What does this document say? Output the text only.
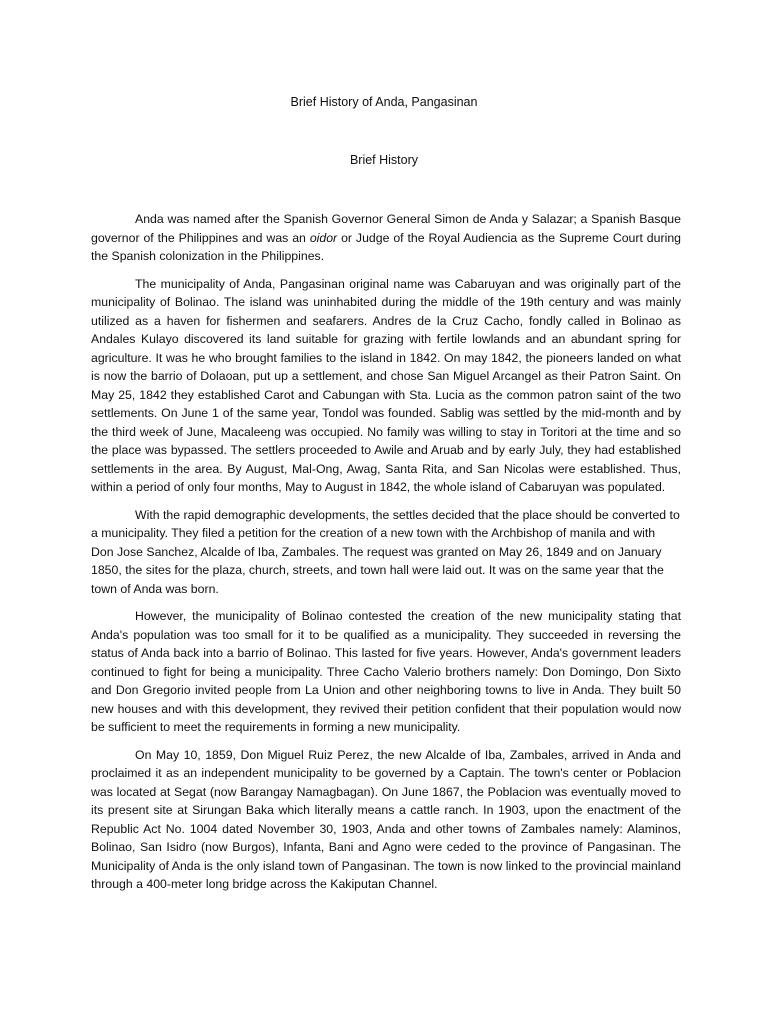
Brief History of Anda, Pangasinan
Brief History

Anda was named after the Spanish Governor General Simon de Anda y Salazar; a Spanish Basque governor of the Philippines and was an oidor or Judge of the Royal Audiencia as the Supreme Court during the Spanish colonization in the Philippines.

The municipality of Anda, Pangasinan original name was Cabaruyan and was originally part of the municipality of Bolinao. The island was uninhabited during the middle of the 19th century and was mainly utilized as a haven for fishermen and seafarers. Andres de la Cruz Cacho, fondly called in Bolinao as Andales Kulayo discovered its land suitable for grazing with fertile lowlands and an abundant spring for agriculture. It was he who brought families to the island in 1842. On may 1842, the pioneers landed on what is now the barrio of Dolaoan, put up a settlement, and chose San Miguel Arcangel as their Patron Saint. On May 25, 1842 they established Carot and Cabungan with Sta. Lucia as the common patron saint of the two settlements. On June 1 of the same year, Tondol was founded. Sablig was settled by the mid-month and by the third week of June, Macaleeng was occupied. No family was willing to stay in Toritori at the time and so the place was bypassed. The settlers proceeded to Awile and Aruab and by early July, they had established settlements in the area. By August, Mal-Ong, Awag, Santa Rita, and San Nicolas were established. Thus, within a period of only four months, May to August in 1842, the whole island of Cabaruyan was populated.

With the rapid demographic developments, the settles decided that the place should be converted to a municipality. They filed a petition for the creation of a new town with the Archbishop of manila and with Don Jose Sanchez, Alcalde of Iba, Zambales. The request was granted on May 26, 1849 and on January 1850, the sites for the plaza, church, streets, and town hall were laid out. It was on the same year that the town of Anda was born.

However, the municipality of Bolinao contested the creation of the new municipality stating that Anda's population was too small for it to be qualified as a municipality. They succeeded in reversing the status of Anda back into a barrio of Bolinao. This lasted for five years. However, Anda's government leaders continued to fight for being a municipality. Three Cacho Valerio brothers namely: Don Domingo, Don Sixto and Don Gregorio invited people from La Union and other neighboring towns to live in Anda. They built 50 new houses and with this development, they revived their petition confident that their population would now be sufficient to meet the requirements in forming a new municipality.

On May 10, 1859, Don Miguel Ruiz Perez, the new Alcalde of Iba, Zambales, arrived in Anda and proclaimed it as an independent municipality to be governed by a Captain. The town's center or Poblacion was located at Segat (now Barangay Namagbagan). On June 1867, the Poblacion was eventually moved to its present site at Sirungan Baka which literally means a cattle ranch. In 1903, upon the enactment of the Republic Act No. 1004 dated November 30, 1903, Anda and other towns of Zambales namely: Alaminos, Bolinao, San Isidro (now Burgos), Infanta, Bani and Agno were ceded to the province of Pangasinan. The Municipality of Anda is the only island town of Pangasinan. The town is now linked to the provincial mainland through a 400-meter long bridge across the Kakiputan Channel.
